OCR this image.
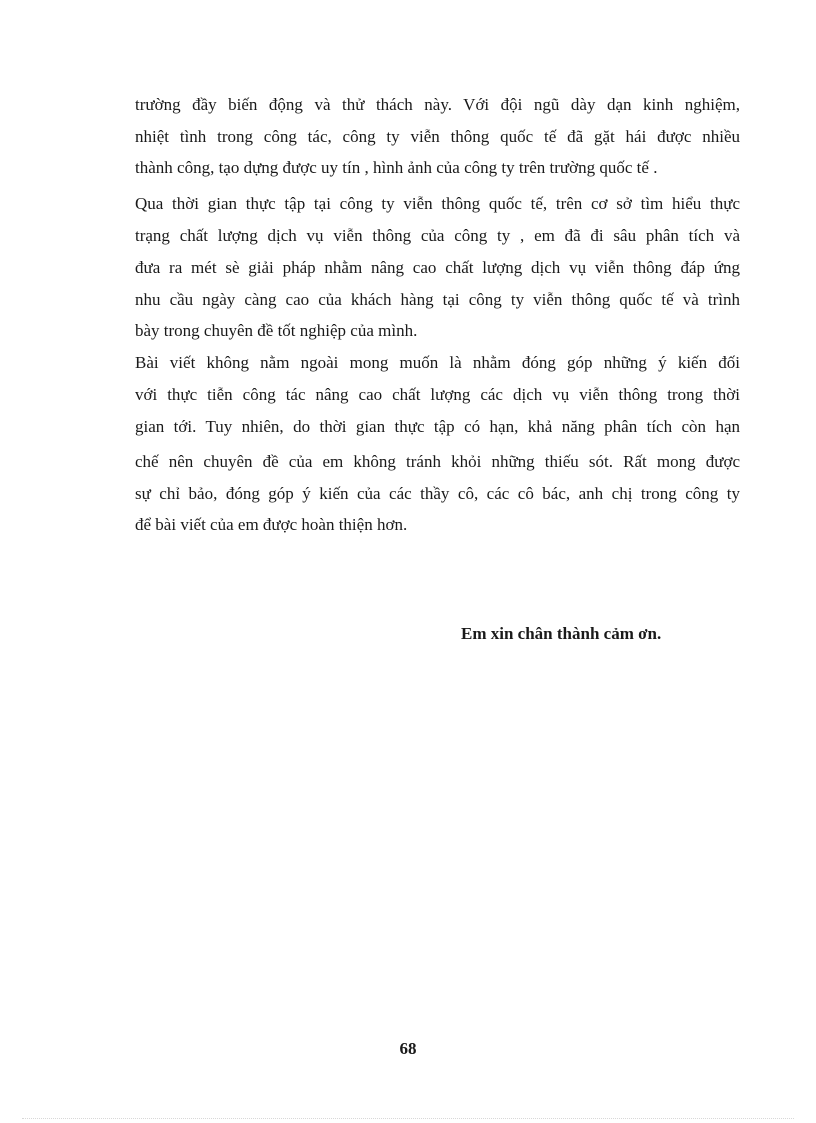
trường đầy biến động và thử thách này. Với đội ngũ dày dạn kinh nghiệm,
nhiệt tình trong công tác, công ty viễn thông quốc tế đã gặt hái được nhiều
thành công, tạo dựng được uy tín , hình ảnh của công ty trên trường quốc tế .
Qua thời gian thực tập tại công ty viễn thông quốc tế, trên cơ sở tìm hiểu thực
trạng chất lượng dịch vụ viễn thông của công ty , em đã đi sâu phân tích và
đưa ra mét sè giải pháp nhằm nâng cao chất lượng dịch vụ viễn thông đáp ứng
nhu cầu ngày càng cao của khách hàng tại công ty viễn thông quốc tế và trình
bày trong chuyên đề tốt nghiệp của mình.
Bài viết không nằm ngoài mong muốn là nhằm đóng góp những ý kiến đối
với thực tiễn công tác nâng cao chất lượng các dịch vụ viễn thông trong thời
gian tới. Tuy nhiên, do thời gian thực tập có hạn, khả năng phân tích còn hạn
chế nên chuyên đề của em không tránh khỏi những thiếu sót. Rất mong được
sự chỉ bảo, đóng góp ý kiến của các thầy cô, các cô bác, anh chị trong công ty
để bài viết của em được hoàn thiện hơn.
Em xin chân thành cảm ơn.
68
